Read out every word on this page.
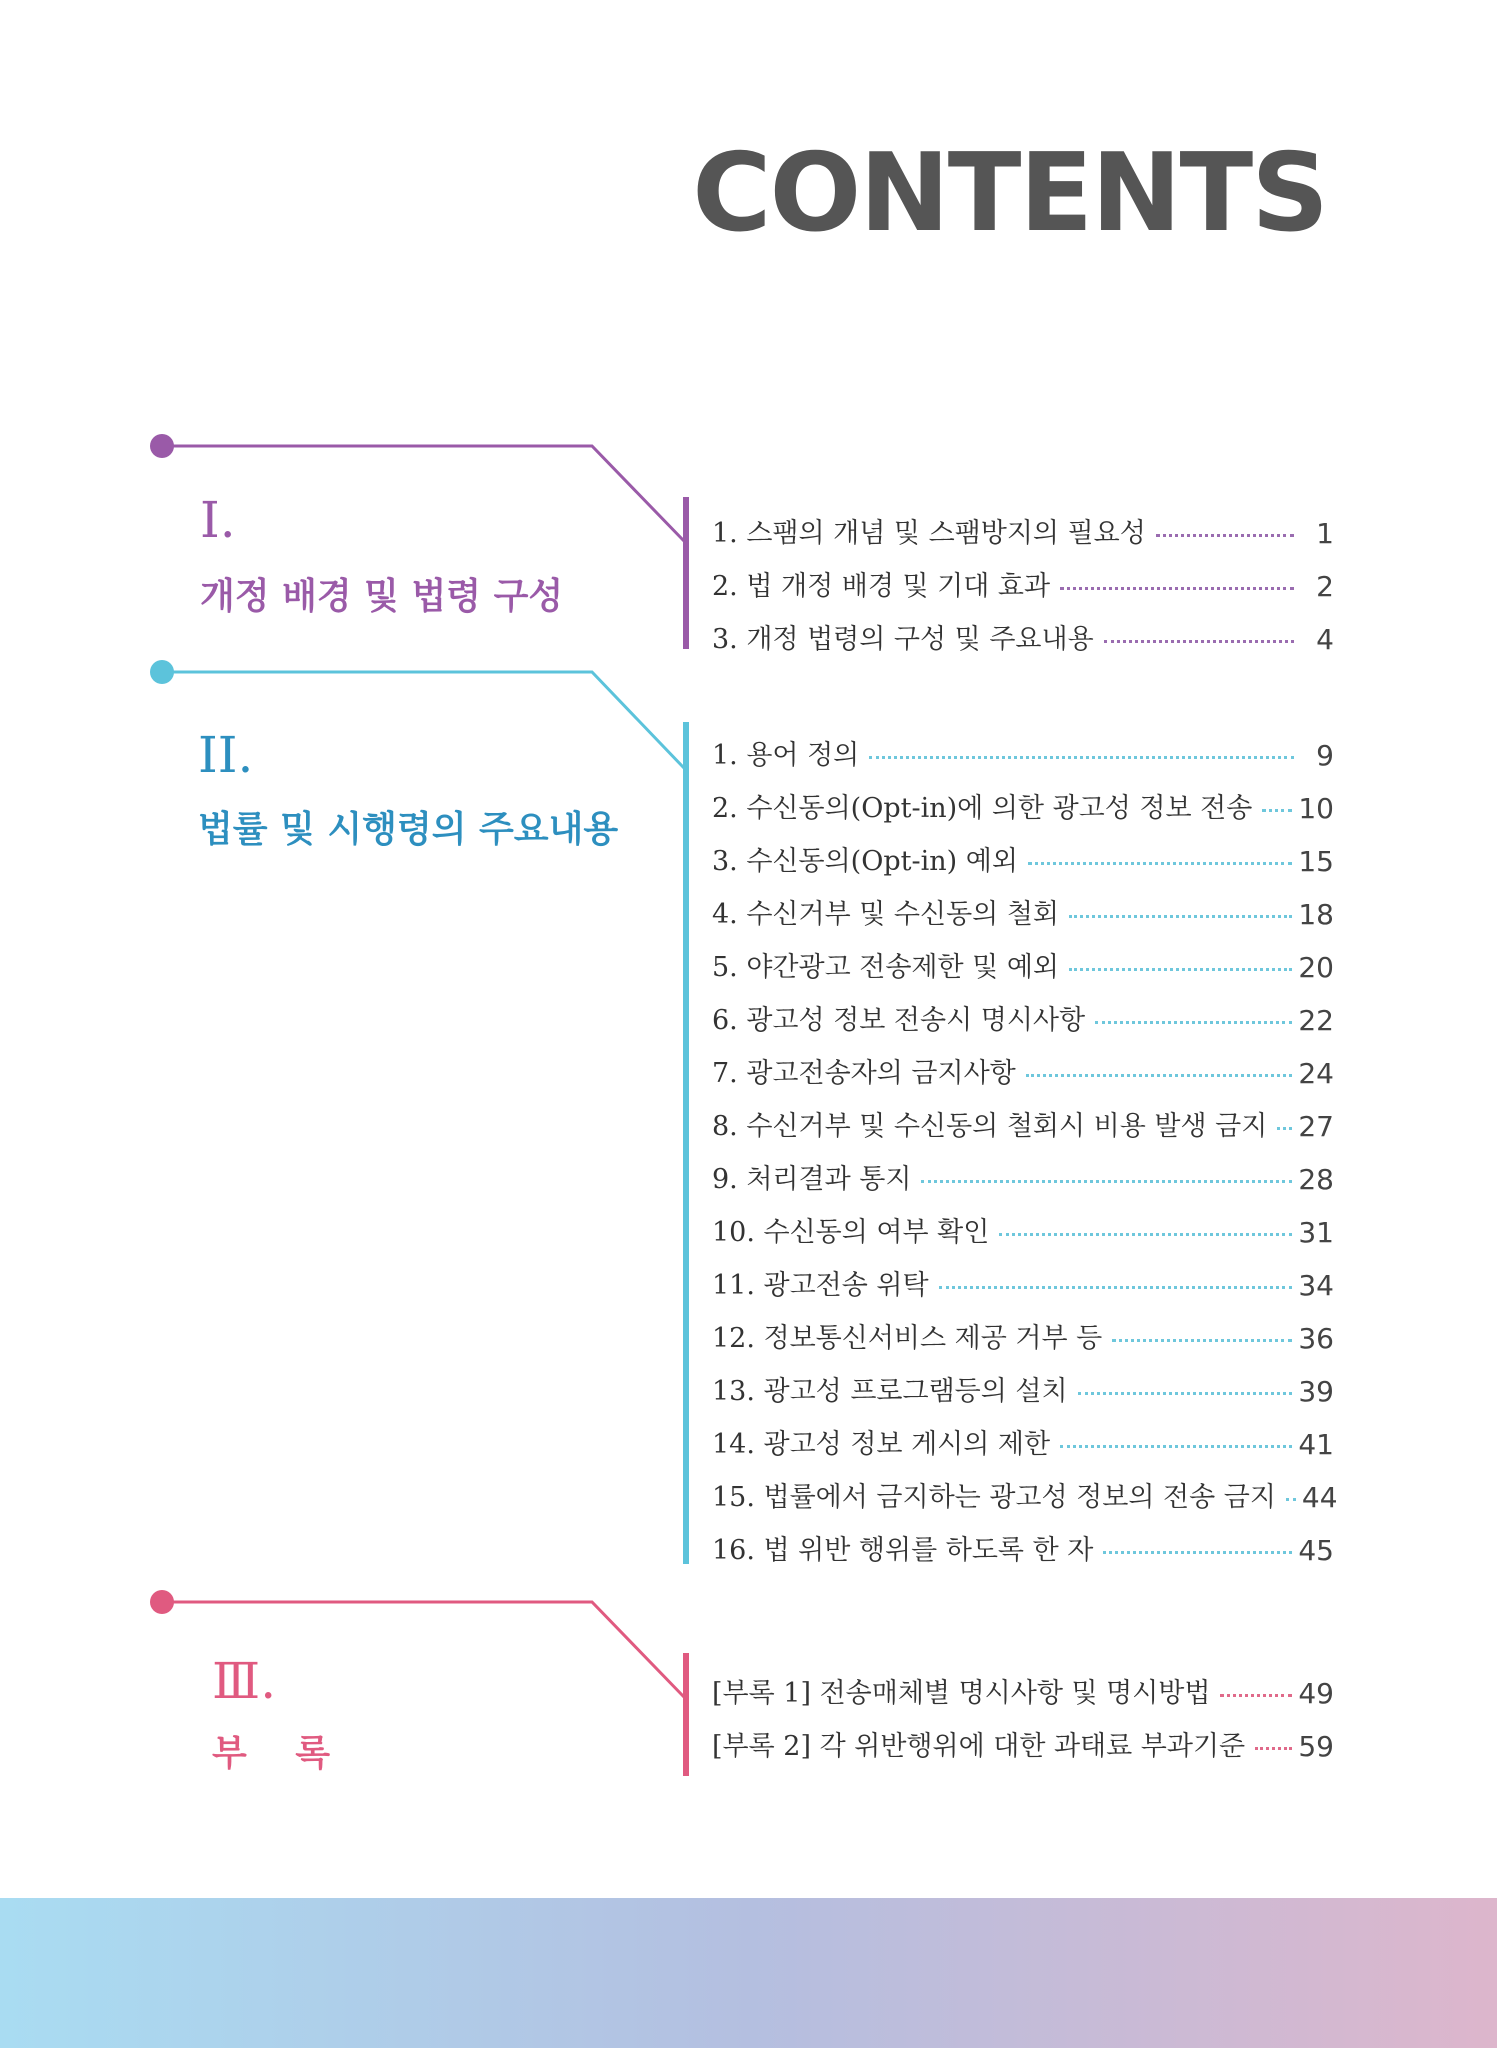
CONTENTS
I.
개정 배경 및 법령 구성
II.
법률 및 시행령의 주요내용
Ⅲ.
부 록
1. 스팸의 개념 및 스팸방지의 필요성	1
2. 법 개정 배경 및 기대 효과	2
3. 개정 법령의 구성 및 주요내용	4
1. 용어 정의	9
2. 수신동의(Opt-in)에 의한 광고성 정보 전송 10
3. 수신동의(Opt-in) 예외	15
4. 수신거부 및 수신동의 철회	18
5. 야간광고 전송제한 및 예외	20
6. 광고성 정보 전송시 명시사항	22
7. 광고전송자의 금지사항	24
8. 수신거부 및 수신동의 철회시 비용 발생 금지 27
9. 처리결과 통지	28
10. 수신동의 여부 확인	31
11. 광고전송 위탁	34
12. 정보통신서비스 제공 거부 등	36
13. 광고성 프로그램등의 설치	39
14. 광고성 정보 게시의 제한	41
15. 법률에서 금지하는 광고성 정보의 전송 금지 44
16. 법 위반 행위를 하도록 한 자	45
[부록 1] 전송매체별 명시사항 및 명시방법	49
[부록 2] 각 위반행위에 대한 과태료 부과기준 59
